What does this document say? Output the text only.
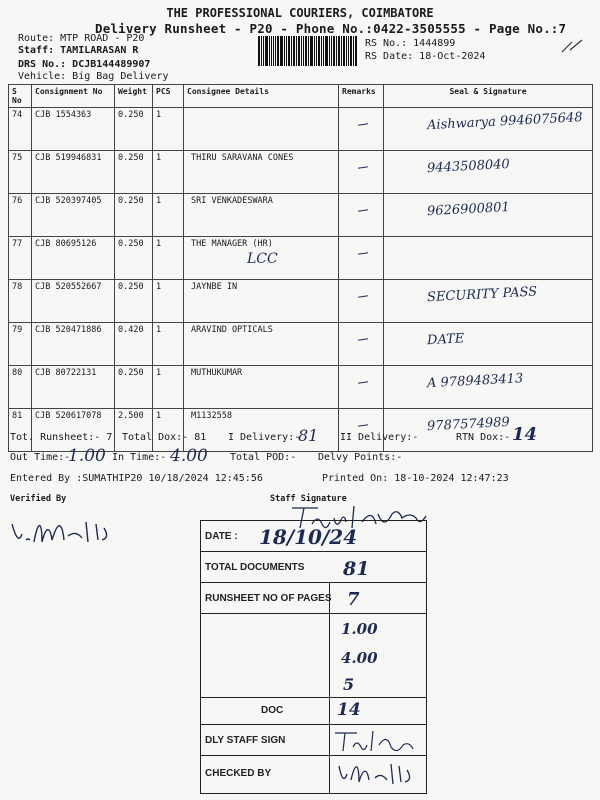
THE PROFESSIONAL COURIERS, COIMBATORE
Delivery Runsheet - P20 - Phone No.:0422-3505555 - Page No.:7
Route: MTP ROAD - P20
Staff: TAMILARASAN R
DRS No.: DCJB144489907
Vehicle: Big Bag Delivery
RS No.: 1444899
RS Date: 18-Oct-2024
S No	Consignment No	Weight	PCS	Consignee Details	Remarks	Seal & Signature
74	CJB 1554363	0.250	1			Aishwarya 9946075648

75	CJB 519946831	0.250	1	THIRU SARAVANA CONES		9443508040

76	CJB 520397405	0.250	1	SRI VENKADESWARA		9626900801

77	CJB 80695126	0.250	1	THE MANAGER (HR)
LCC		

78	CJB 520552667	0.250	1	JAYNBE IN		SECURITY PASS

79	CJB 520471886	0.420	1	ARAVIND OPTICALS		DATE

80	CJB 80722131	0.250	1	MUTHUKUMAR		A 9789483413

81	CJB 520617078	2.500	1	M1132558		9787574989
Tot. Runsheet:- 7 Total Dox:- 81 I Delivery:-
81 II Delivery:-	RTN Dox:- 14
Out Time:-
1.00 In Time:- 4.00 Total POD:- Delvy Points:-
Entered By :SUMATHIP20 10/18/2024 12:45:56	Printed On: 18-10-2024 12:47:23
Verified By	Staff Signature
DATE : 18/10/24
TOTAL DOCUMENTS 81
RUNSHEET NO OF PAGES 7
1.00
4.00
5
DOC	14
DLY STAFF SIGN
CHECKED BY
